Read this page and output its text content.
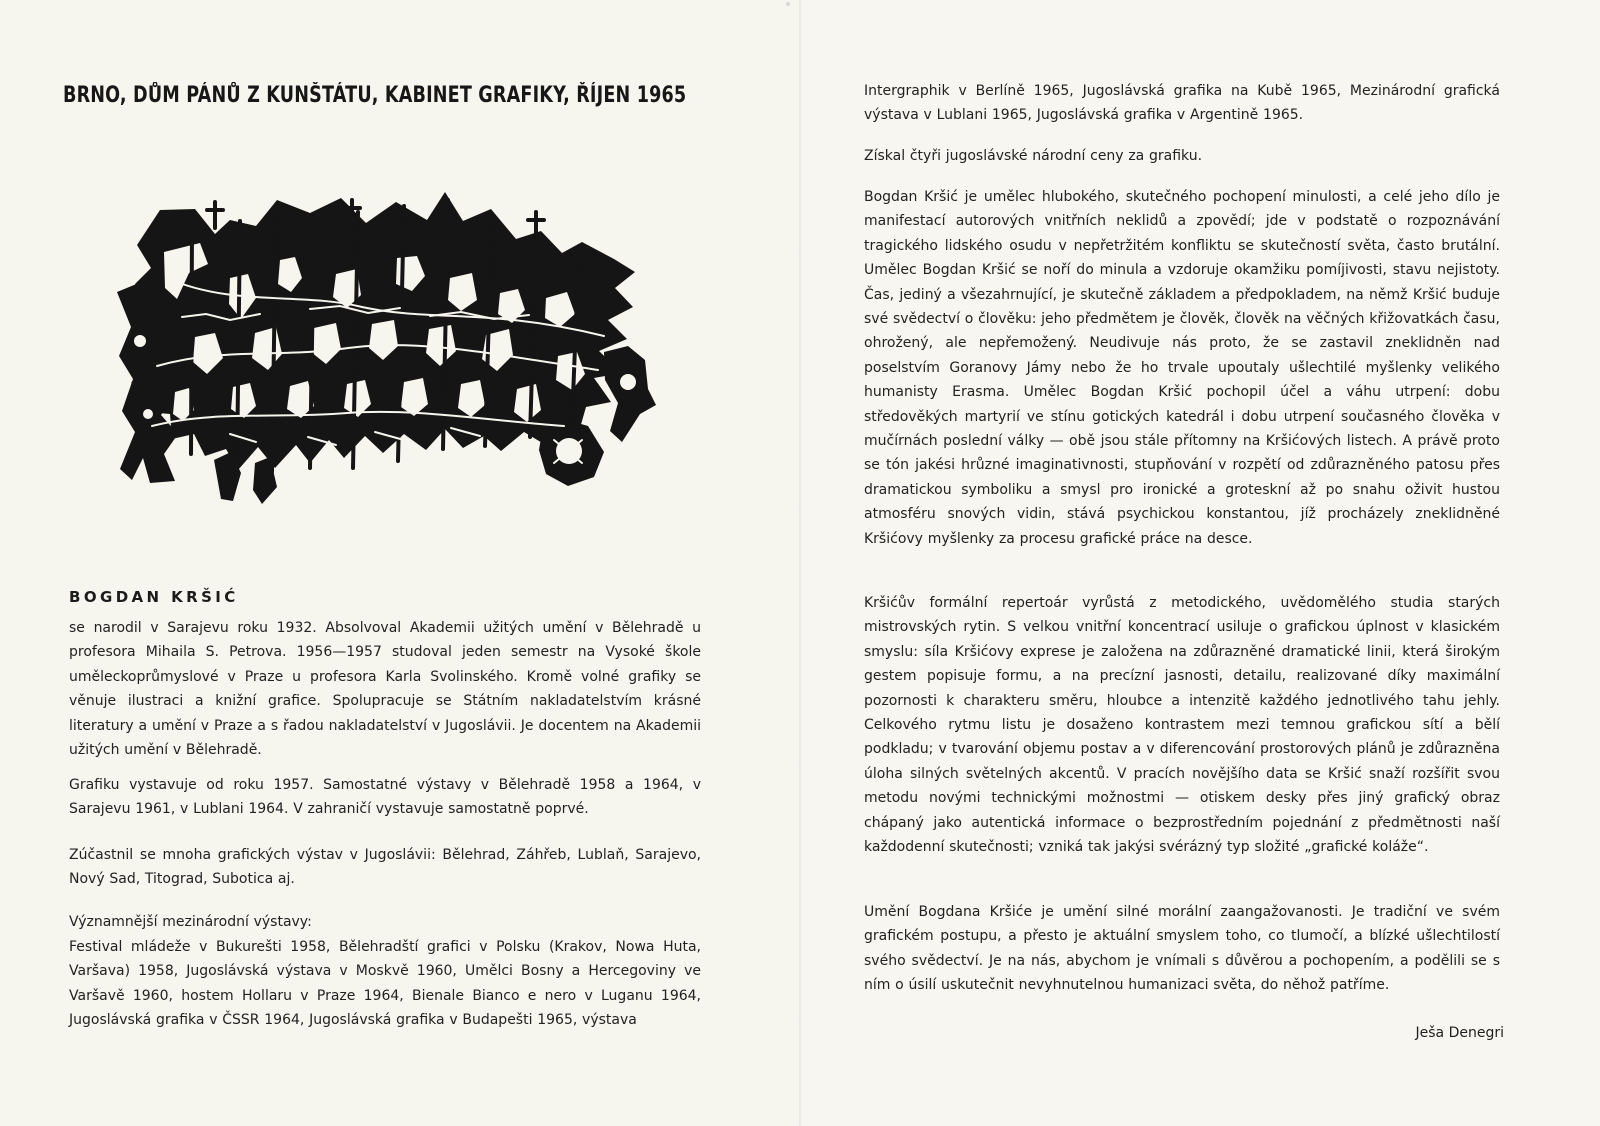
BRNO, DŮM PÁNŮ Z KUNŠTÁTU, KABINET GRAFIKY, ŘÍJEN 1965
BOGDAN KRŠIĆ

se narodil v Sarajevu roku 1932. Absolvoval Akademii užitých umění v Bělehradě u profesora Mihaila S. Petrova. 1956—1957 studoval jeden semestr na Vysoké škole uměleckoprůmyslové v Praze u profesora Karla Svolinského. Kromě volné grafiky se věnuje ilustraci a knižní grafice. Spolupracuje se Státním nakladatelstvím krásné literatury a umění v Praze a s řadou nakladatelství v Jugoslávii. Je docentem na Akademii užitých umění v Bělehradě.

Grafiku vystavuje od roku 1957. Samostatné výstavy v Bělehradě 1958 a 1964, v Sarajevu 1961, v Lublani 1964. V zahraničí vystavuje samostatně poprvé.

Zúčastnil se mnoha grafických výstav v Jugoslávii: Bělehrad, Záhřeb, Lublaň, Sarajevo, Nový Sad, Titograd, Subotica aj.

Významnější mezinárodní výstavy:

Festival mládeže v Bukurešti 1958, Bělehradští grafici v Polsku (Krakov, Nowa Huta, Varšava) 1958, Jugoslávská výstava v Moskvě 1960, Umělci Bosny a Hercegoviny ve Varšavě 1960, hostem Hollaru v Praze 1964, Bienale Bianco e nero v Luganu 1964, Jugoslávská grafika v ČSSR 1964, Jugoslávská grafika v Budapešti 1965, výstava

Intergraphik v Berlíně 1965, Jugoslávská grafika na Kubě 1965, Mezinárodní grafická výstava v Lublani 1965, Jugoslávská grafika v Argentině 1965.

Získal čtyři jugoslávské národní ceny za grafiku.

Bogdan Kršić je umělec hlubokého, skutečného pochopení minulosti, a celé jeho dílo je manifestací autorových vnitřních neklidů a zpovědí; jde v podstatě o rozpoznávání tragického lidského osudu v nepřetržitém konfliktu se skutečností světa, často brutální. Umělec Bogdan Kršić se noří do minula a vzdoruje okamžiku pomíjivosti, stavu nejistoty. Čas, jediný a všezahrnující, je skutečně základem a předpokladem, na němž Kršić buduje své svědectví o člověku: jeho předmětem je člověk, člověk na věčných křižovatkách času, ohrožený, ale nepřemožený. Neudivuje nás proto, že se zastavil zneklidněn nad poselstvím Goranovy Jámy nebo že ho trvale upoutaly ušlechtilé myšlenky velikého humanisty Erasma. Umělec Bogdan Kršić pochopil účel a váhu utrpení: dobu středověkých martyrií ve stínu gotických katedrál i dobu utrpení současného člověka v mučírnách poslední války — obě jsou stále přítomny na Kršićových listech. A právě proto se tón jakési hrůzné imaginativnosti, stupňování v rozpětí od zdůrazněného patosu přes dramatickou symboliku a smysl pro ironické a groteskní až po snahu oživit hustou atmosféru snových vidin, stává psychickou konstantou, jíž procházely zneklidněné Kršićovy myšlenky za procesu grafické práce na desce.

Kršićův formální repertoár vyrůstá z metodického, uvědomělého studia starých mistrovských rytin. S velkou vnitřní koncentrací usiluje o grafickou úplnost v klasickém smyslu: síla Kršićovy exprese je založena na zdůrazněné dramatické linii, která širokým gestem popisuje formu, a na precízní jasnosti, detailu, realizované díky maximální pozornosti k charakteru směru, hloubce a intenzitě každého jednotlivého tahu jehly. Celkového rytmu listu je dosaženo kontrastem mezi temnou grafickou sítí a bělí podkladu; v tvarování objemu postav a v diferencování prostorových plánů je zdůrazněna úloha silných světelných akcentů. V pracích novějšího data se Kršić snaží rozšířit svou metodu novými technickými možnostmi — otiskem desky přes jiný grafický obraz chápaný jako autentická informace o bezprostředním pojednání z předmětnosti naší každodenní skutečnosti; vzniká tak jakýsi svérázný typ složité „grafické koláže“.

Umění Bogdana Kršiće je umění silné morální zaangažovanosti. Je tradiční ve svém grafickém postupu, a přesto je aktuální smyslem toho, co tlumočí, a blízké ušlechtilostí svého svědectví. Je na nás, abychom je vnímali s důvěrou a pochopením, a podělili se s ním o úsilí uskutečnit nevyhnutelnou humanizaci světa, do něhož patříme.

Ješa Denegri
